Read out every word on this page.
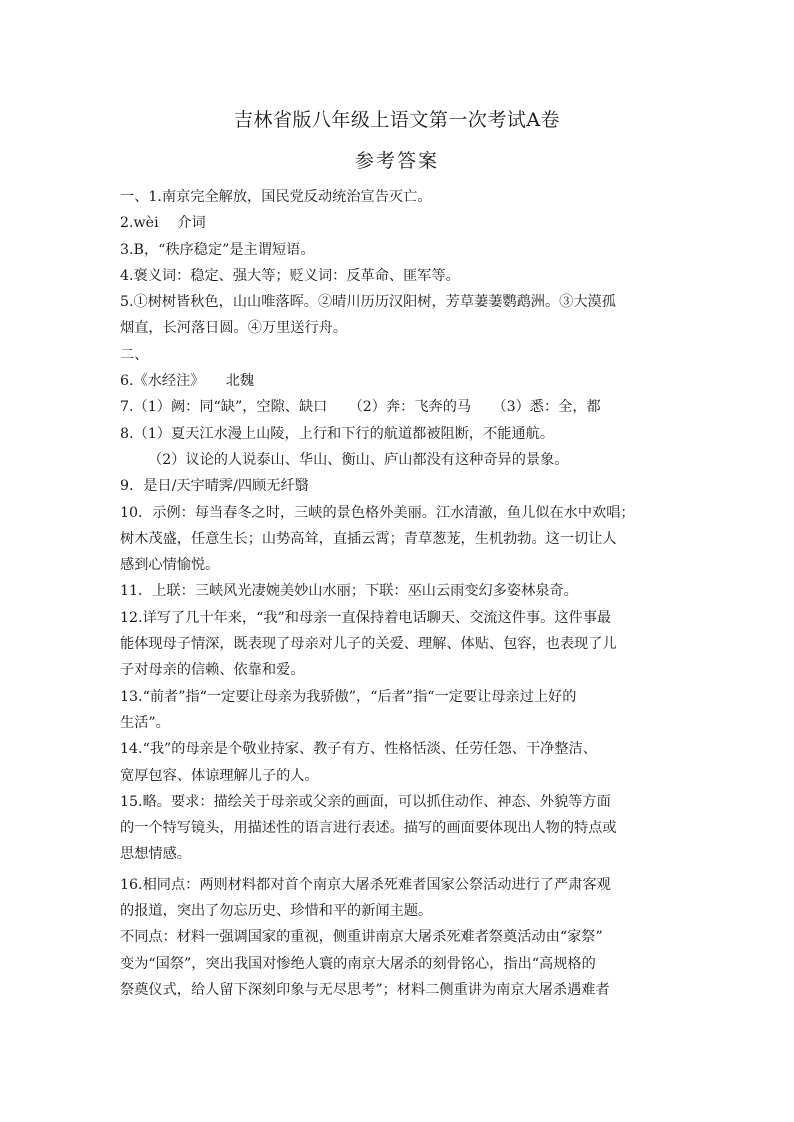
吉林省版八年级上语文第一次考试A卷
参考答案
一、1.南京完全解放，国民党反动统治宣告灭亡。
2.wèi　 介词
3.B，“秩序稳定”是主谓短语。
4.褒义词：稳定、强大等；贬义词：反革命、匪军等。
5.①树树皆秋色，山山唯落晖。②晴川历历汉阳树，芳草萋萋鹦鹉洲。③大漠孤
烟直，长河落日圆。④万里送行舟。
二、
6.《水经注》　　北魏
7.（1）阙：同“缺”，空隙、缺口　　（2）奔：飞奔的马　　（3）悉：全，都
8.（1）夏天江水漫上山陵，上行和下行的航道都被阻断，不能通航。
（2）议论的人说泰山、华山、衡山、庐山都没有这种奇异的景象。
9．是日/天宇晴霁/四顾无纤翳
10．示例：每当春冬之时，三峡的景色格外美丽。江水清澈，鱼儿似在水中欢唱；
树木茂盛，任意生长；山势高耸，直插云霄；青草葱茏，生机勃勃。这一切让人
感到心情愉悦。
11．上联：三峡风光凄婉美妙山水丽；下联：巫山云雨变幻多姿林泉奇。
12.详写了几十年来，“我”和母亲一直保持着电话聊天、交流这件事。这件事最
能体现母子情深，既表现了母亲对儿子的关爱、理解、体贴、包容，也表现了儿
子对母亲的信赖、依靠和爱。
13.“前者”指“一定要让母亲为我骄傲”，“后者”指“一定要让母亲过上好的
生活”。
14.“我”的母亲是个敬业持家、教子有方、性格恬淡、任劳任怨、干净整洁、
宽厚包容、体谅理解儿子的人。
15.略。要求：描绘关于母亲或父亲的画面，可以抓住动作、神态、外貌等方面
的一个特写镜头，用描述性的语言进行表述。描写的画面要体现出人物的特点或
思想情感。
16.相同点：两则材料都对首个南京大屠杀死难者国家公祭活动进行了严肃客观
的报道，突出了勿忘历史、珍惜和平的新闻主题。
不同点：材料一强调国家的重视，侧重讲南京大屠杀死难者祭奠活动由“家祭”
变为“国祭”，突出我国对惨绝人寰的南京大屠杀的刻骨铭心，指出“高规格的
祭奠仪式，给人留下深刻印象与无尽思考”；材料二侧重讲为南京大屠杀遇难者
